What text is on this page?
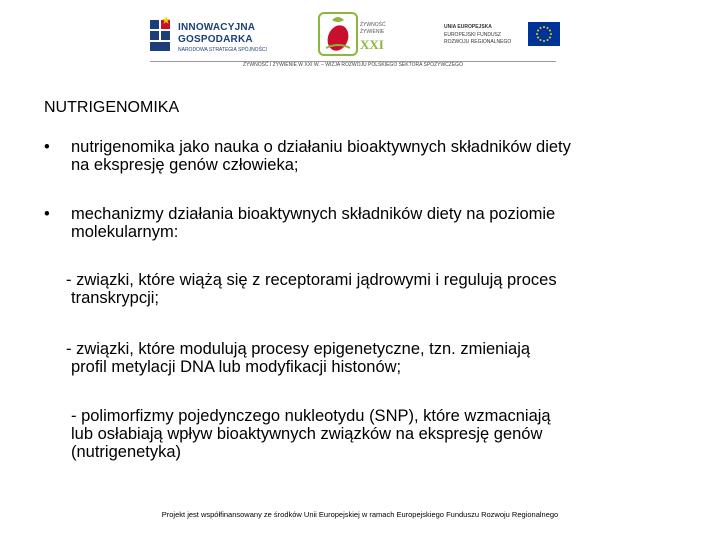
INNOWACYJNA
GOSPODARKA
NARODOWA STRATEGIA SPÓJNOŚCI
ŻYWNOŚĆ
ŻYWIENIE
XXI
UNIA EUROPEJSKA
EUROPEJSKI FUNDUSZ
ROZWOJU REGIONALNEGO
ŻYWNOŚĆ I ŻYWIENIE W XXI W. – WIZJA ROZWOJU POLSKIEGO SEKTORA SPOŻYWCZEGO
NUTRIGENOMIKA
• nutrigenomika jako nauka o działaniu bioaktywnych składników diety
na ekspresję genów człowieka;
• mechanizmy działania bioaktywnych składników diety na poziomie
molekularnym:
- związki, które wiążą się z receptorami jądrowymi i regulują proces
transkrypcji;
- związki, które modulują procesy epigenetyczne, tzn. zmieniają
profil metylacji DNA lub modyfikacji histonów;
- polimorfizmy pojedynczego nukleotydu (SNP), które wzmacniają
lub osłabiają wpływ bioaktywnych związków na ekspresję genów
(nutrigenetyka)
Projekt jest współfinansowany ze środków Unii Europejskiej w ramach Europejskiego Funduszu Rozwoju Regionalnego
